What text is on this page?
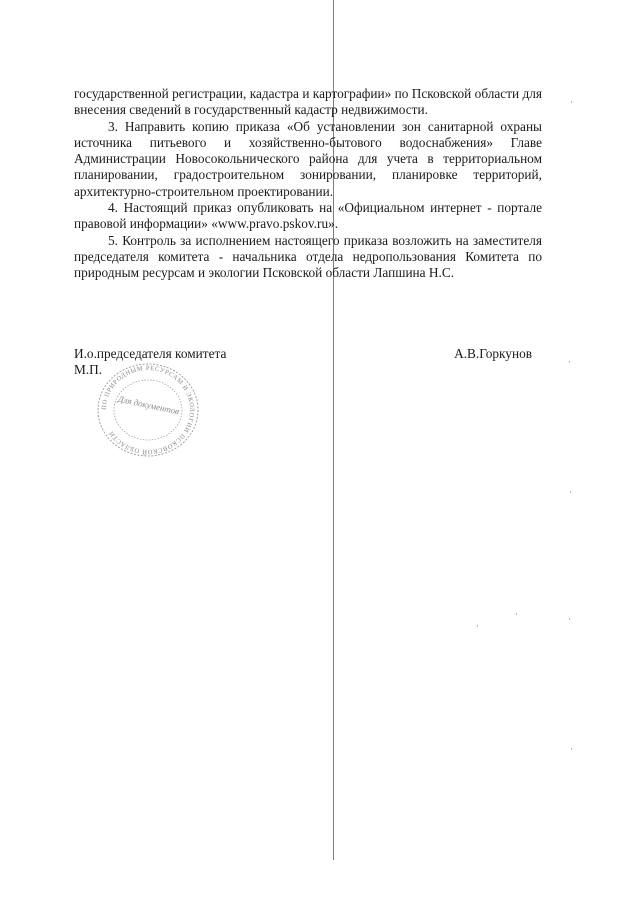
государственной регистрации, кадастра и картографии» по Псковской области для внесения сведений в государственный кадастр недвижимости.

3. Направить копию приказа «Об установлении зон санитарной охраны источника питьевого и хозяйственно-бытового водоснабжения» Главе Администрации Новосокольнического района для учета в территориальном планировании, градостроительном зонировании, планировке территорий, архитектурно-строительном проектировании.

4. Настоящий приказ опубликовать на «Официальном интернет - портале правовой информации» «www.pravo.pskov.ru».

5. Контроль за исполнением настоящего приказа возложить на заместителя председателя комитета - начальника отдела недропользования Комитета по природным ресурсам и экологии Псковской области Лапшина Н.С.

И.о.председателя комитета
М.П.
А.В.Горкунов
ПО ПРИРОДНЫМ РЕСУРСАМ И ЭКОЛОГИИ ПСКОВСКОЙ ОБЛАСТИ
Для документов
·
·
·
·	·
·
·
